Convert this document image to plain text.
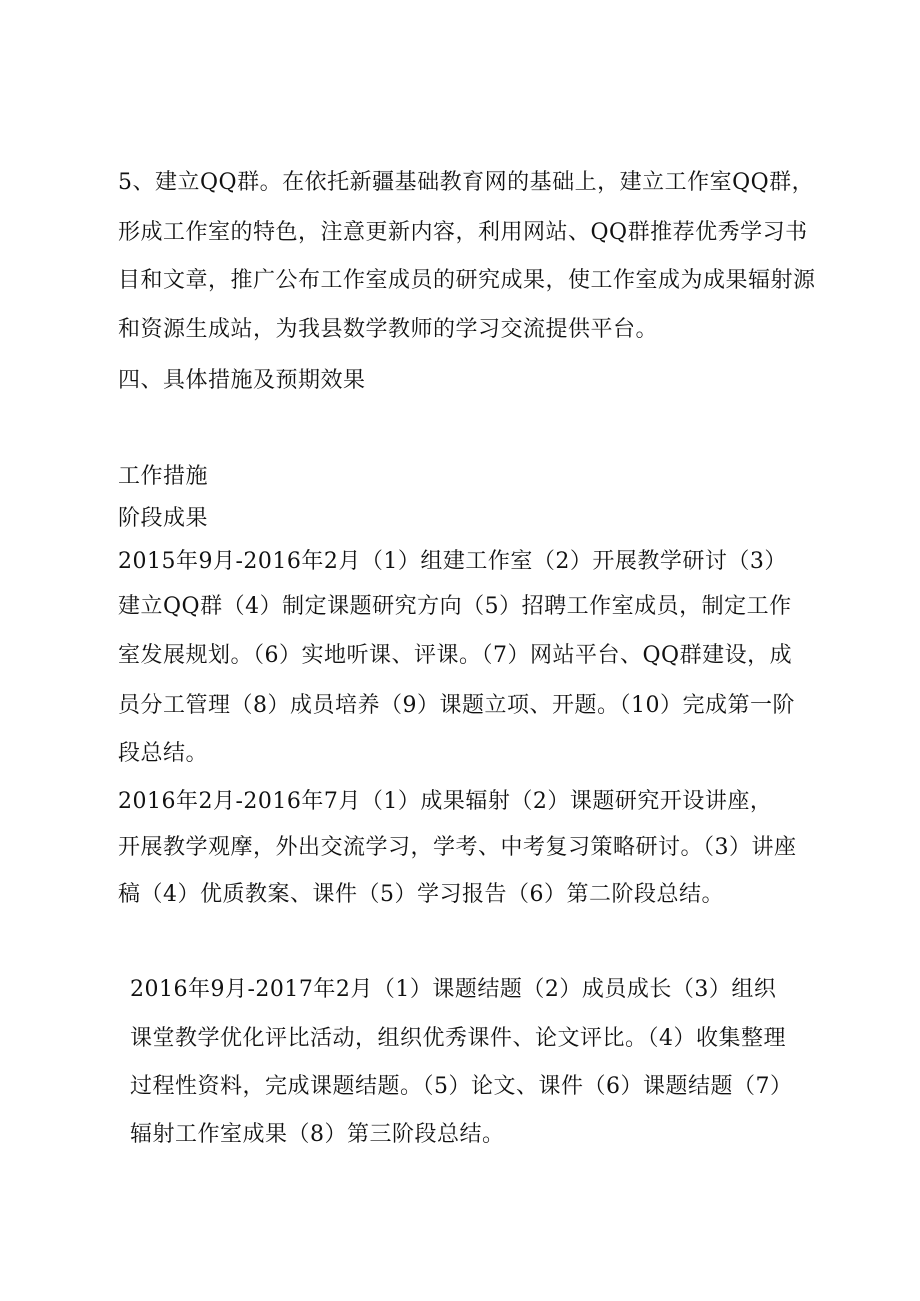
5、建立QQ群。在依托新疆基础教育网的基础上，建立工作室QQ群，
形成工作室的特色，注意更新内容，利用网站、QQ群推荐优秀学习书
目和文章，推广公布工作室成员的研究成果，使工作室成为成果辐射源
和资源生成站，为我县数学教师的学习交流提供平台。
四、具体措施及预期效果
工作措施
阶段成果
2015年9月-2016年2月（1）组建工作室（2）开展教学研讨（3）
建立QQ群（4）制定课题研究方向（5）招聘工作室成员，制定工作
室发展规划。（6）实地听课、评课。（7）网站平台、QQ群建设，成
员分工管理（8）成员培养（9）课题立项、开题。（10）完成第一阶
段总结。
2016年2月-2016年7月（1）成果辐射（2）课题研究开设讲座，
开展教学观摩，外出交流学习，学考、中考复习策略研讨。（3）讲座
稿（4）优质教案、课件（5）学习报告（6）第二阶段总结。
2016年9月-2017年2月（1）课题结题（2）成员成长（3）组织
课堂教学优化评比活动，组织优秀课件、论文评比。（4）收集整理
过程性资料，完成课题结题。（5）论文、课件（6）课题结题（7）
辐射工作室成果（8）第三阶段总结。
